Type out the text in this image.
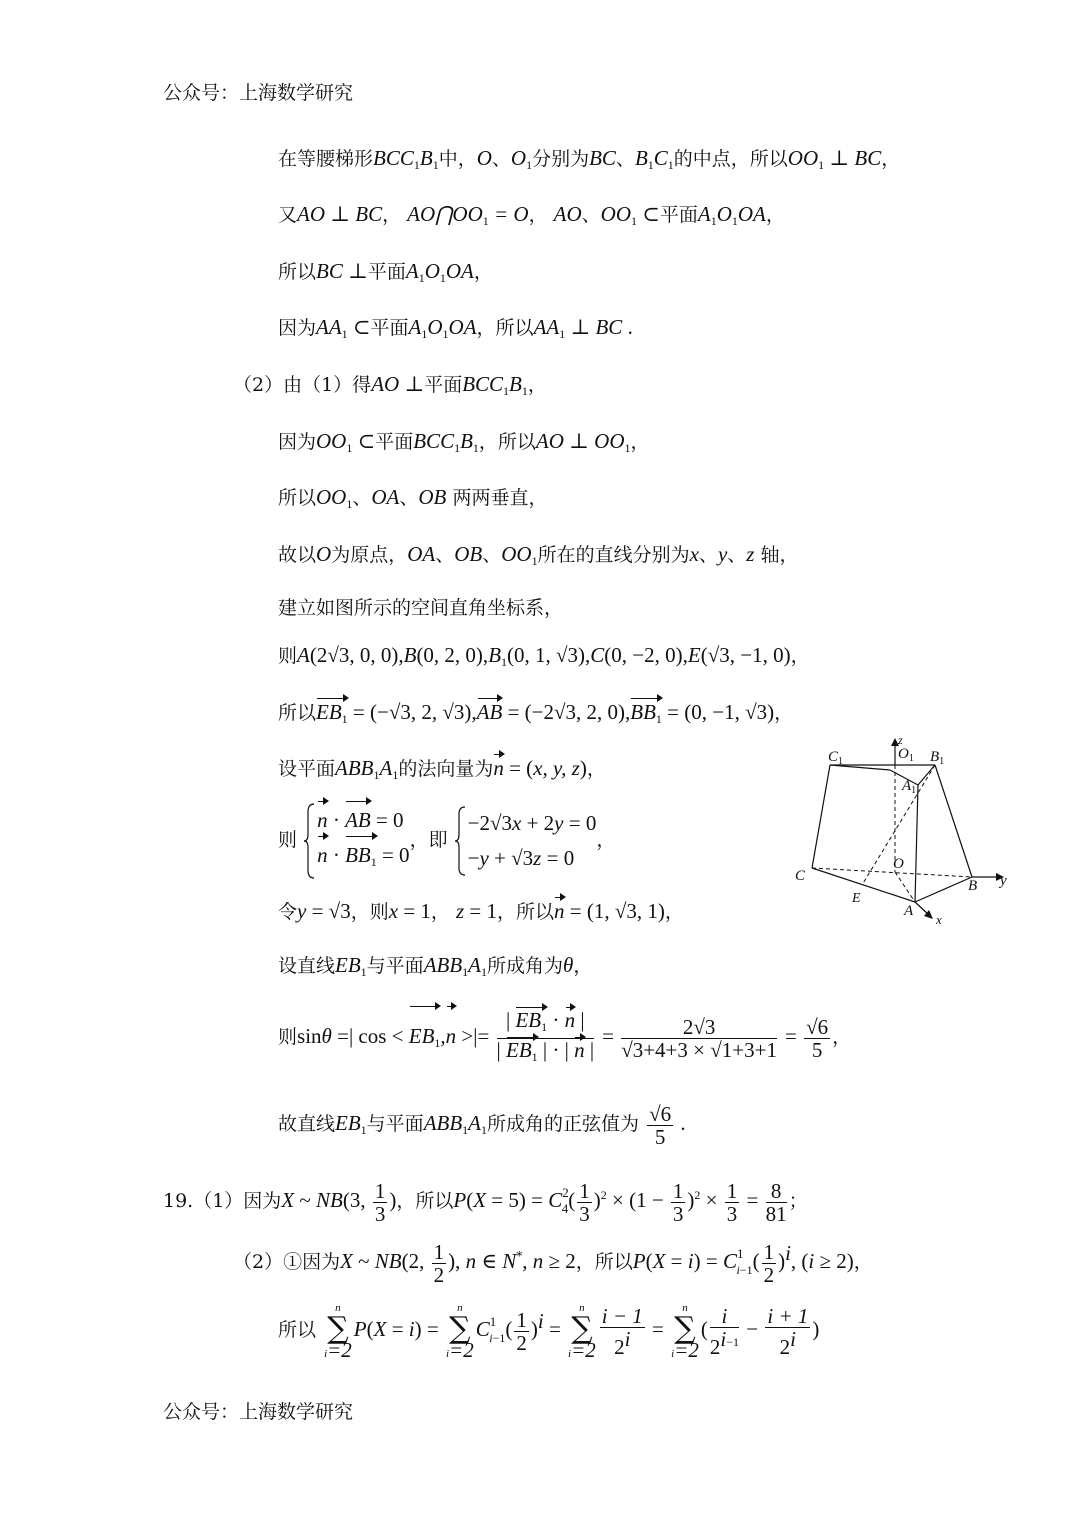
公众号：上海数学研究
在等腰梯形$BCC_1B_1$中，O、$O_1$分别为BC、$B_1C_1$的中点，所以$OO_1$ ⊥ BC，
又AO ⊥ BC， $AO⋂OO_1 = O$， AO、$OO_1$ ⊂平面$A_1O_1OA$，
所以BC ⊥平面$A_1O_1OA$，
因为$AA_1$ ⊂平面$A_1O_1OA$，所以$AA_1$ ⊥ BC .
（2）由（1）得AO ⊥平面$BCC_1B_1$，
因为$OO_1$ ⊂平面$BCC_1B_1$，所以AO ⊥ $OO_1$，
所以$OO_1$、OA、OB 两两垂直，
故以O为原点，OA、OB、$OO_1$所在的直线分别为x、y、z 轴，
建立如图所示的空间直角坐标系，
则A(2√3, 0, 0),B(0, 2, $0),B_1(0$, 1, √3),C(0, −2, 0),E(√3, −1, 0)，
所以$EB_1 = (-√3$, 2, √3),AB = (−2√3, 2, $0),BB_1 = (0$, −1, √3)，
设平面$ABB_1A_1$的法向量为n = (x, y, z)，
则
n · AB = 0
$n \cdot BB_1 = 0$
，即
−2√3x + 2y = 0
−y + √3z = 0
，
令y = √3，则x = 1， z = 1，所以n = (1, √3, 1)，
设直线$EB_1$与平面$ABB_1A_1$所成角为θ，
则sinθ =| $\cos < EB_1,n$ >|= $\frac{| EB_1 \cdot n |}{| EB_1 | \cdot | n |} = \frac{2√3}{√3+4+3 \times √1+3+1} = \frac{√6}{5}$ ，
故直线$EB_1$与平面$ABB_1A_1$所成角的正弦值为 $\frac{√6}{5}$ .
19.（1）因为X ~ NB(3, $\frac{1}{3}$ )，所以$P(X = 5) = C^2_4( \frac{1}{3} )^2 \times (1 - \frac{1}{3} )^2 \times \frac{1}{3} = \frac{8}{81}$ ；
（2）①因为X ~ NB(2, $\frac{1}{2}$ ), n ∈ N*, n ≥ 2，所以$P(X = i) = C^1_{i-1}( \frac{1}{2} )^i$, (i ≥ 2)，
所以
n
∑
i=2
P(X = i) =
n
∑
i=2
$C^1_{i-1}( \frac{1}{2} )^i$ =
n
∑
$i=2 \frac{i - 1}{2^i}$ =
n
∑
i=2
( $\frac{i}{2^{i-1}} - \frac{i + 1}{2^i}$ )
$C_1$	$O_1$ $B_1$
$A_1$
z
O
C
B y
E
A
x
公众号：上海数学研究
